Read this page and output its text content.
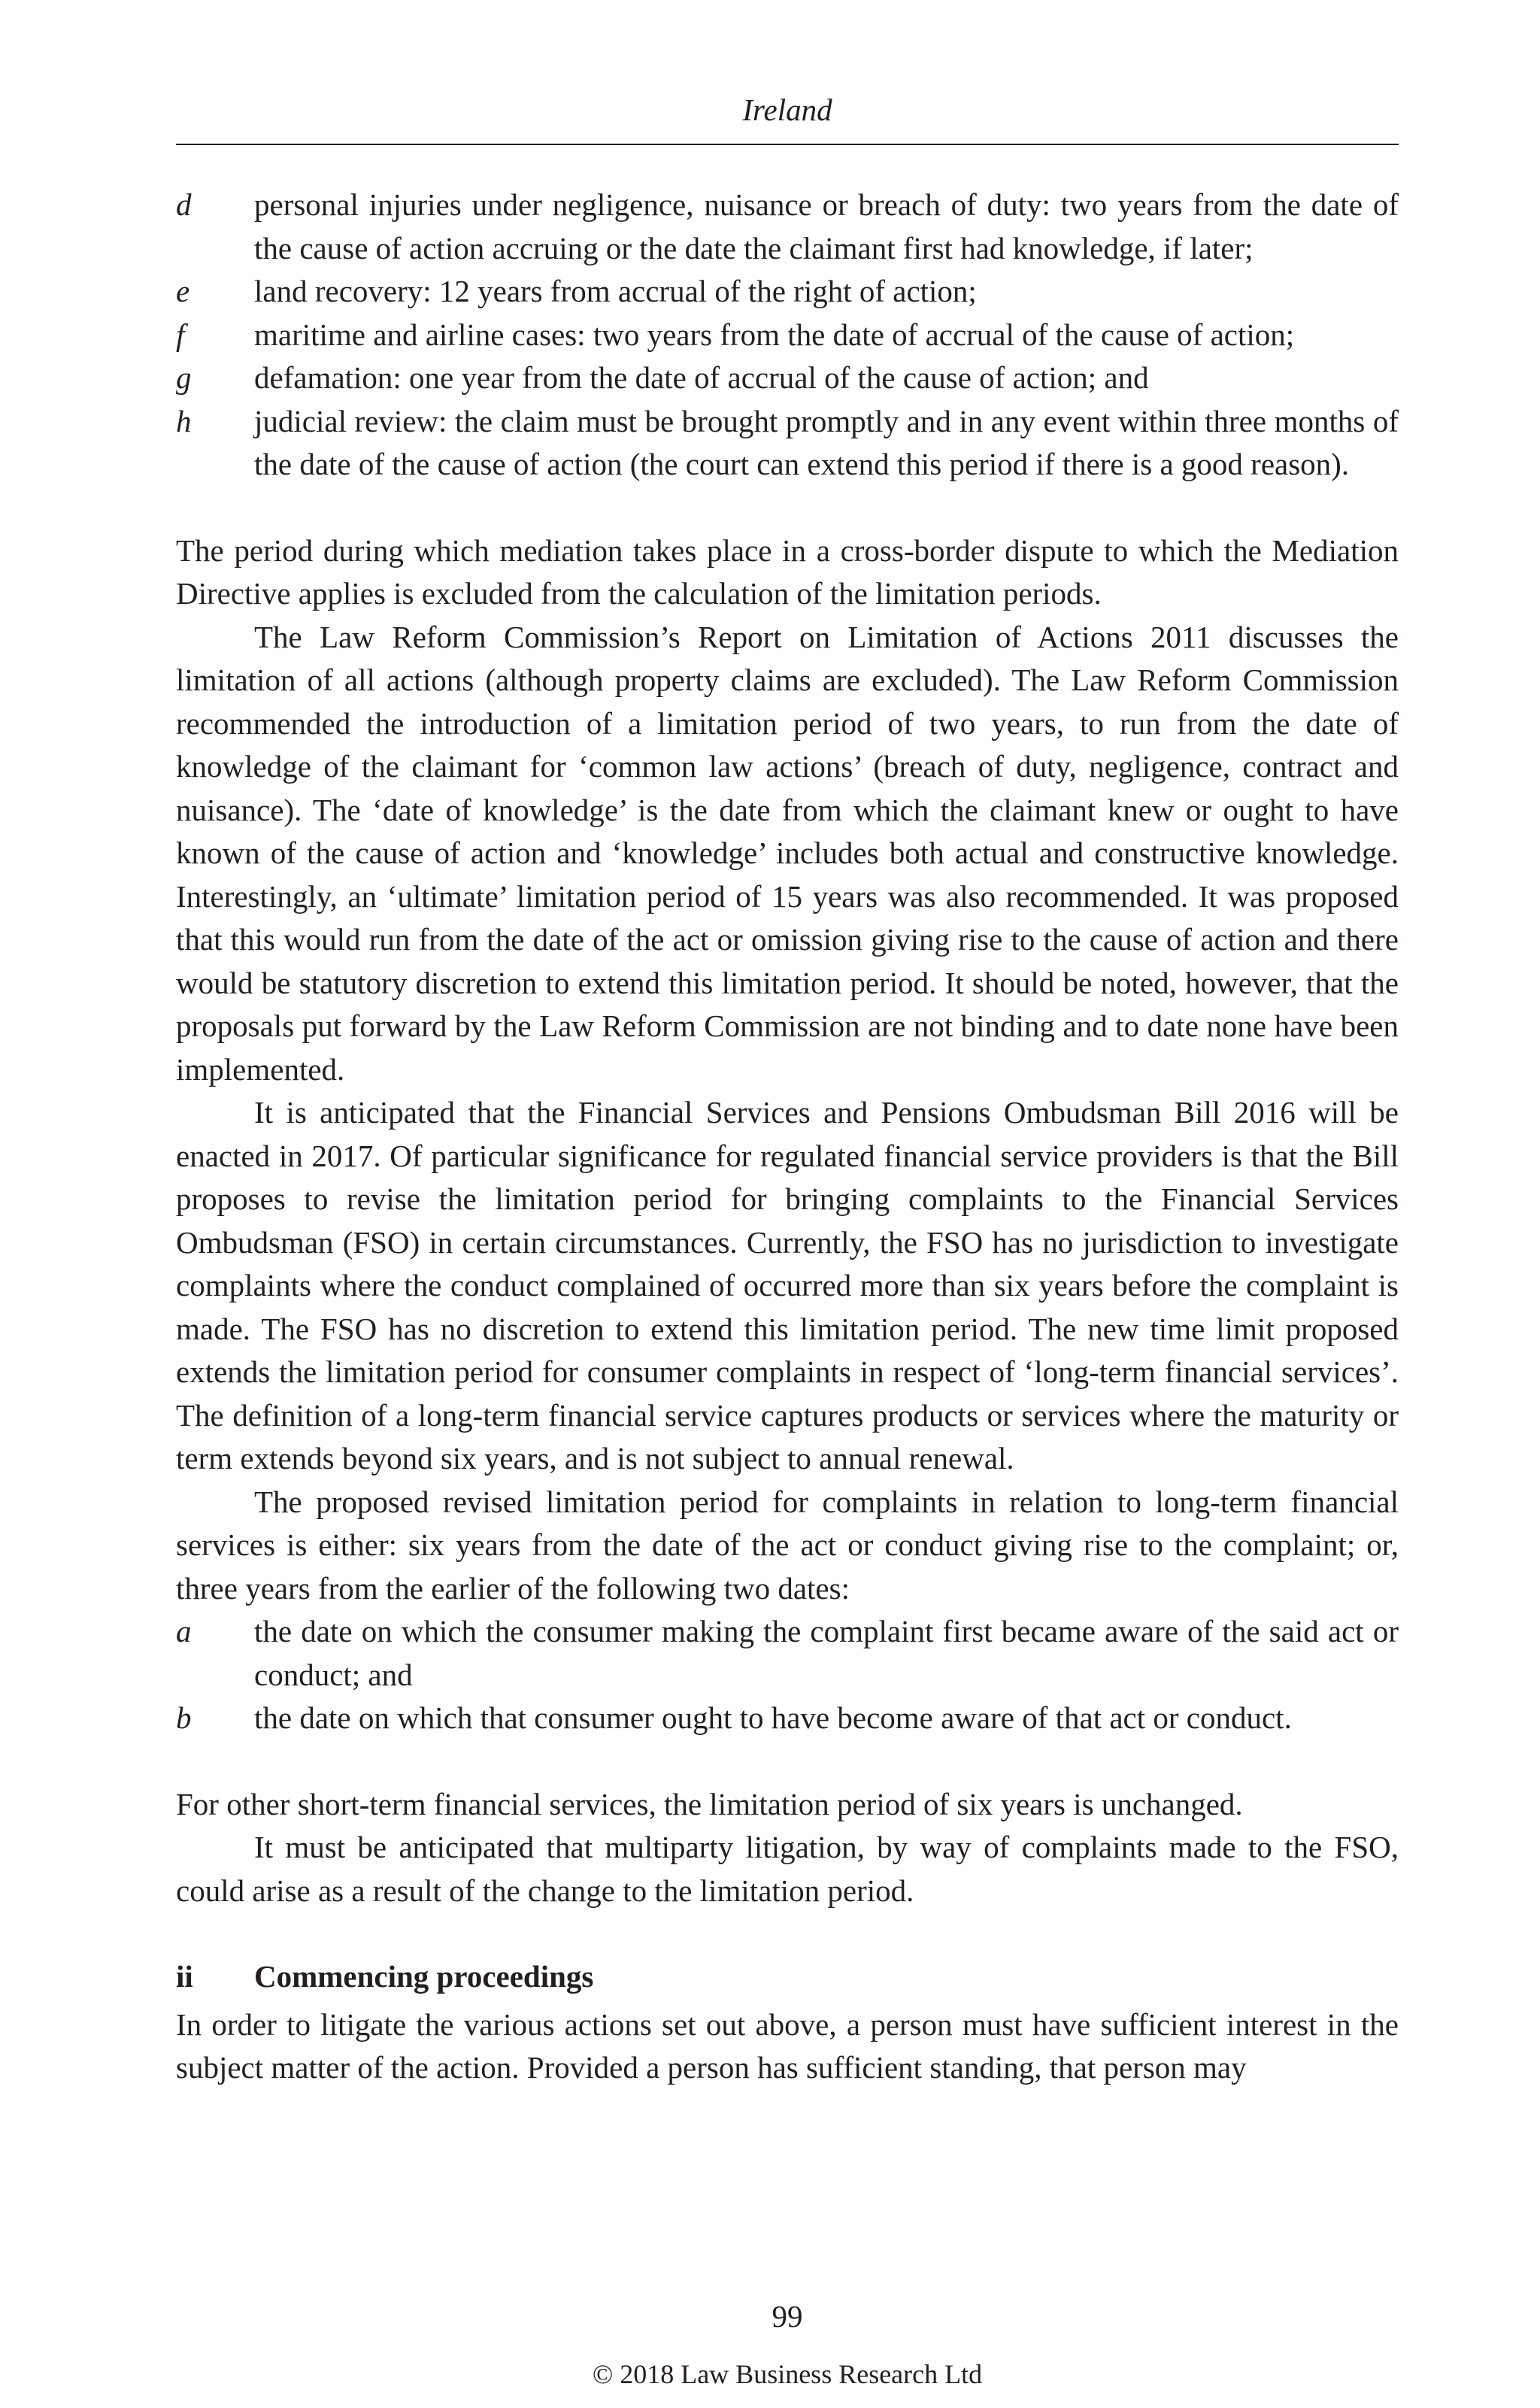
Ireland
d personal injuries under negligence, nuisance or breach of duty: two years from the date of the cause of action accruing or the date the claimant first had knowledge, if later;
e land recovery: 12 years from accrual of the right of action;
f maritime and airline cases: two years from the date of accrual of the cause of action;
g defamation: one year from the date of accrual of the cause of action; and
h judicial review: the claim must be brought promptly and in any event within three months of the date of the cause of action (the court can extend this period if there is a good reason).

The period during which mediation takes place in a cross-border dispute to which the Mediation Directive applies is excluded from the calculation of the limitation periods.

The Law Reform Commission’s Report on Limitation of Actions 2011 discusses the limitation of all actions (although property claims are excluded). The Law Reform Commission recommended the introduction of a limitation period of two years, to run from the date of knowledge of the claimant for ‘common law actions’ (breach of duty, negligence, contract and nuisance). The ‘date of knowledge’ is the date from which the claimant knew or ought to have known of the cause of action and ‘knowledge’ includes both actual and constructive knowledge. Interestingly, an ‘ultimate’ limitation period of 15 years was also recommended. It was proposed that this would run from the date of the act or omission giving rise to the cause of action and there would be statutory discretion to extend this limitation period. It should be noted, however, that the proposals put forward by the Law Reform Commission are not binding and to date none have been implemented.

It is anticipated that the Financial Services and Pensions Ombudsman Bill 2016 will be enacted in 2017. Of particular significance for regulated financial service providers is that the Bill proposes to revise the limitation period for bringing complaints to the Financial Services Ombudsman (FSO) in certain circumstances. Currently, the FSO has no jurisdiction to investigate complaints where the conduct complained of occurred more than six years before the complaint is made. The FSO has no discretion to extend this limitation period. The new time limit proposed extends the limitation period for consumer complaints in respect of ‘long-term financial services’. The definition of a long-term financial service captures products or services where the maturity or term extends beyond six years, and is not subject to annual renewal.

The proposed revised limitation period for complaints in relation to long-term financial services is either: six years from the date of the act or conduct giving rise to the complaint; or, three years from the earlier of the following two dates:

a the date on which the consumer making the complaint first became aware of the said act or conduct; and
b the date on which that consumer ought to have become aware of that act or conduct.

For other short-term financial services, the limitation period of six years is unchanged.

It must be anticipated that multiparty litigation, by way of complaints made to the FSO, could arise as a result of the change to the limitation period.

ii Commencing proceedings

In order to litigate the various actions set out above, a person must have sufficient interest in the subject matter of the action. Provided a person has sufficient standing, that person may

99
© 2018 Law Business Research Ltd
